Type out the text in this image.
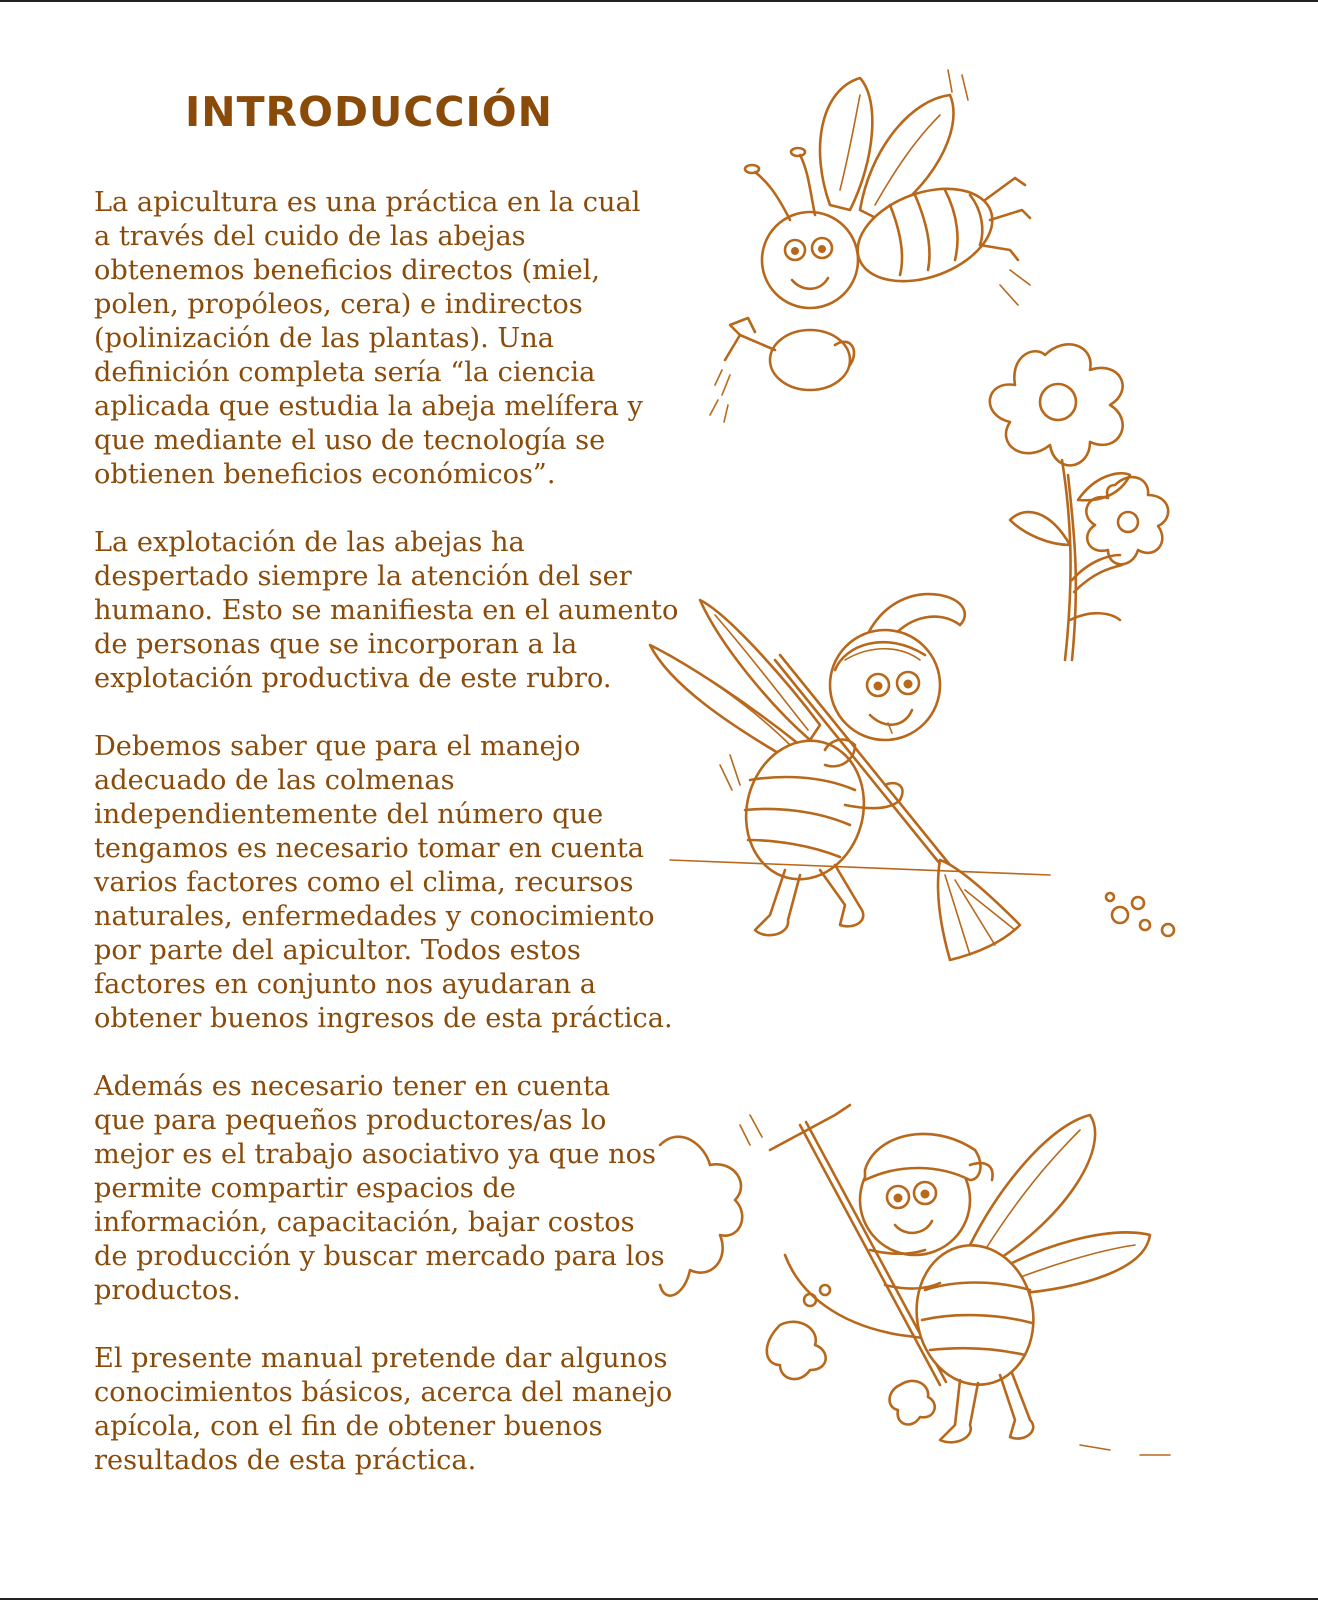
INTRODUCCIÓN

La apicultura es una práctica en la cual
a través del cuido de las abejas
obtenemos beneficios directos (miel,
polen, propóleos, cera) e indirectos
(polinización de las plantas). Una
definición completa sería “la ciencia
aplicada que estudia la abeja melífera y
que mediante el uso de tecnología se
obtienen beneficios económicos”.

La explotación de las abejas ha
despertado siempre la atención del ser
humano. Esto se manifiesta en el aumento
de personas que se incorporan a la
explotación productiva de este rubro.

Debemos saber que para el manejo
adecuado de las colmenas
independientemente del número que
tengamos es necesario tomar en cuenta
varios factores como el clima, recursos
naturales, enfermedades y conocimiento
por parte del apicultor. Todos estos
factores en conjunto nos ayudaran a
obtener buenos ingresos de esta práctica.

Además es necesario tener en cuenta
que para pequeños productores/as lo
mejor es el trabajo asociativo ya que nos
permite compartir espacios de
información, capacitación, bajar costos
de producción y buscar mercado para los
productos.

El presente manual pretende dar algunos
conocimientos básicos, acerca del manejo
apícola, con el fin de obtener buenos
resultados de esta práctica.
